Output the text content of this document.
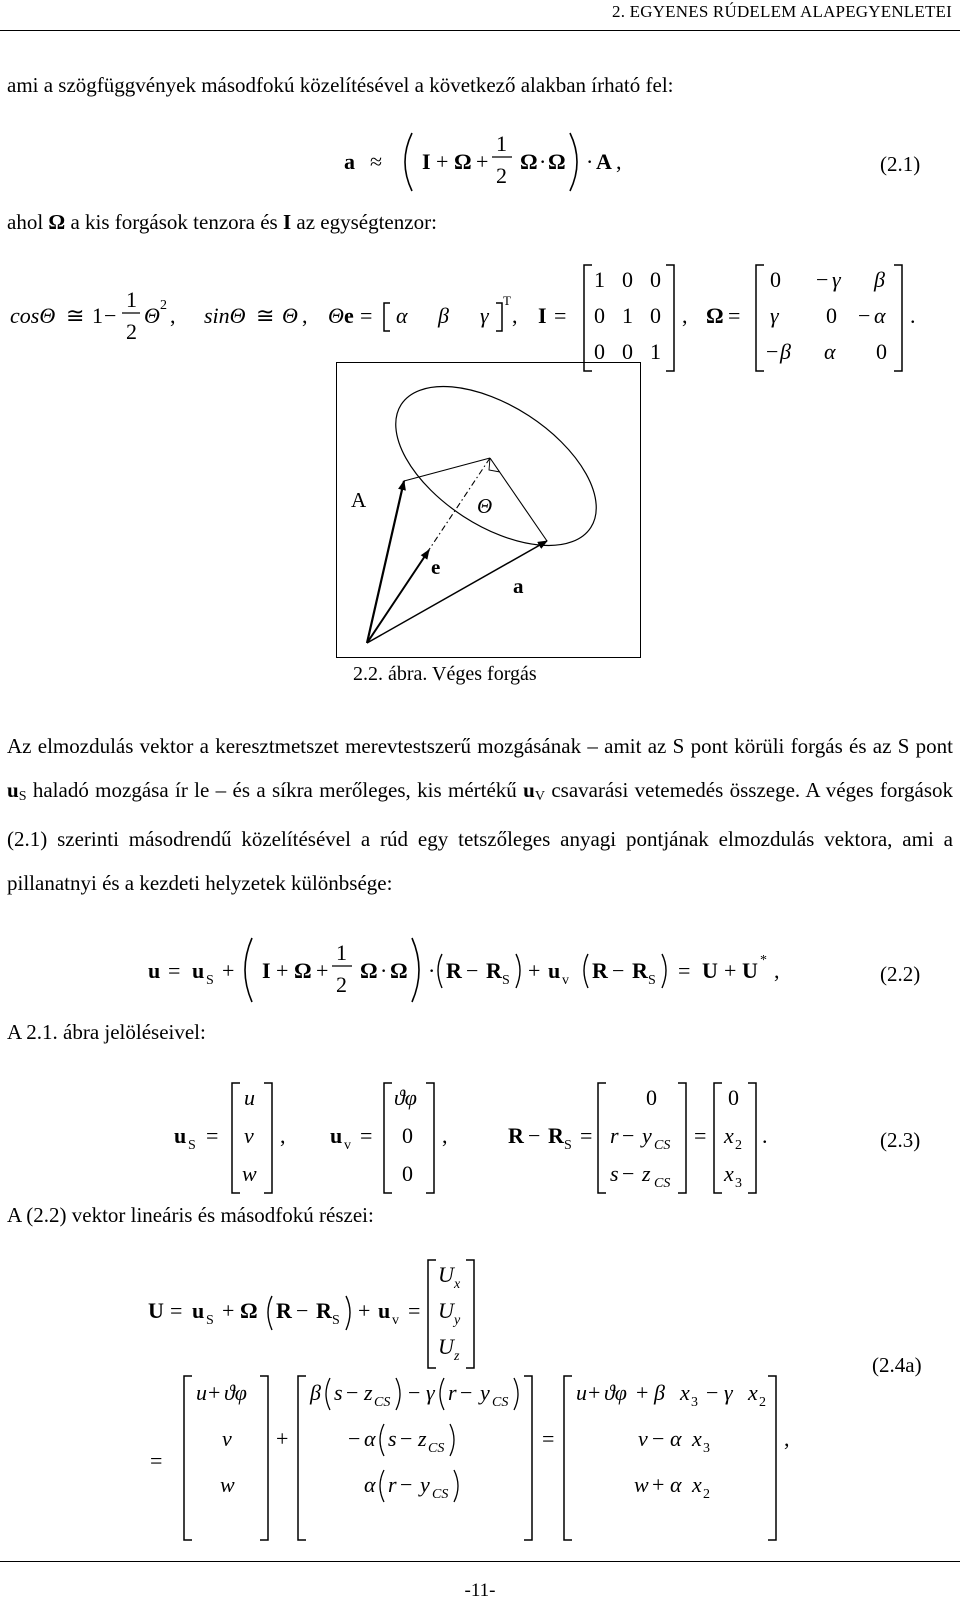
2. EGYENES RÚDELEM ALAPEGYENLETEI
ami a szögfüggvények másodfokú közelítésével a következő alakban írható fel:
a ≈ I + Ω +
1
2
Ω · Ω · A ,	(2.1)
ahol Ω a kis forgások tenzora és I az egységtenzor:
cosΘ ≅ 1 −
1
2
Θ 2 , sinΘ ≅ Θ , Θ e = α β γ
T
, I =
1 0 0
0 1 0
0 0 1
, Ω =
0 − γ β
γ 0 − α
− β α 0
.
A	Θ
e
a
2.2. ábra. Véges forgás
Az elmozdulás vektor a keresztmetszet merevtestszerű mozgásának – amit az S pont körüli forgás és az S pont $u_S$ haladó mozgása ír le – és a síkra merőleges, kis mértékű $u_V$ csavarási vetemedés összege. A véges forgások (2.1) szerinti másodrendű közelítésével a rúd egy tetszőleges anyagi pontjának elmozdulás vektora, ami a pillanatnyi és a kezdeti helyzetek különbsége:
u = u S + I + Ω +
1
2
Ω · Ω · R − R S + u v R − R S = U + U * ,	(2.2)
A 2.1. ábra jelöléseivel:
u S =
u
v
w
, u v =
ϑφ
0
0
,	R − R S =
0
r − y CS
s − z CS
=
0
x 2
x 3
.	(2.3)
A (2.2) vektor lineáris és másodfokú részei:
U = u S + Ω R − R S + u v =
U x
U y
U z
=
u + ϑφ
v
w
+
β s − z CS − γ r − y CS
− α s − z CS
α r − y CS
=
u + ϑφ + β x 3 − γ x 2
v − α x 3
w + α x 2
,
(2.4a)
-11-
